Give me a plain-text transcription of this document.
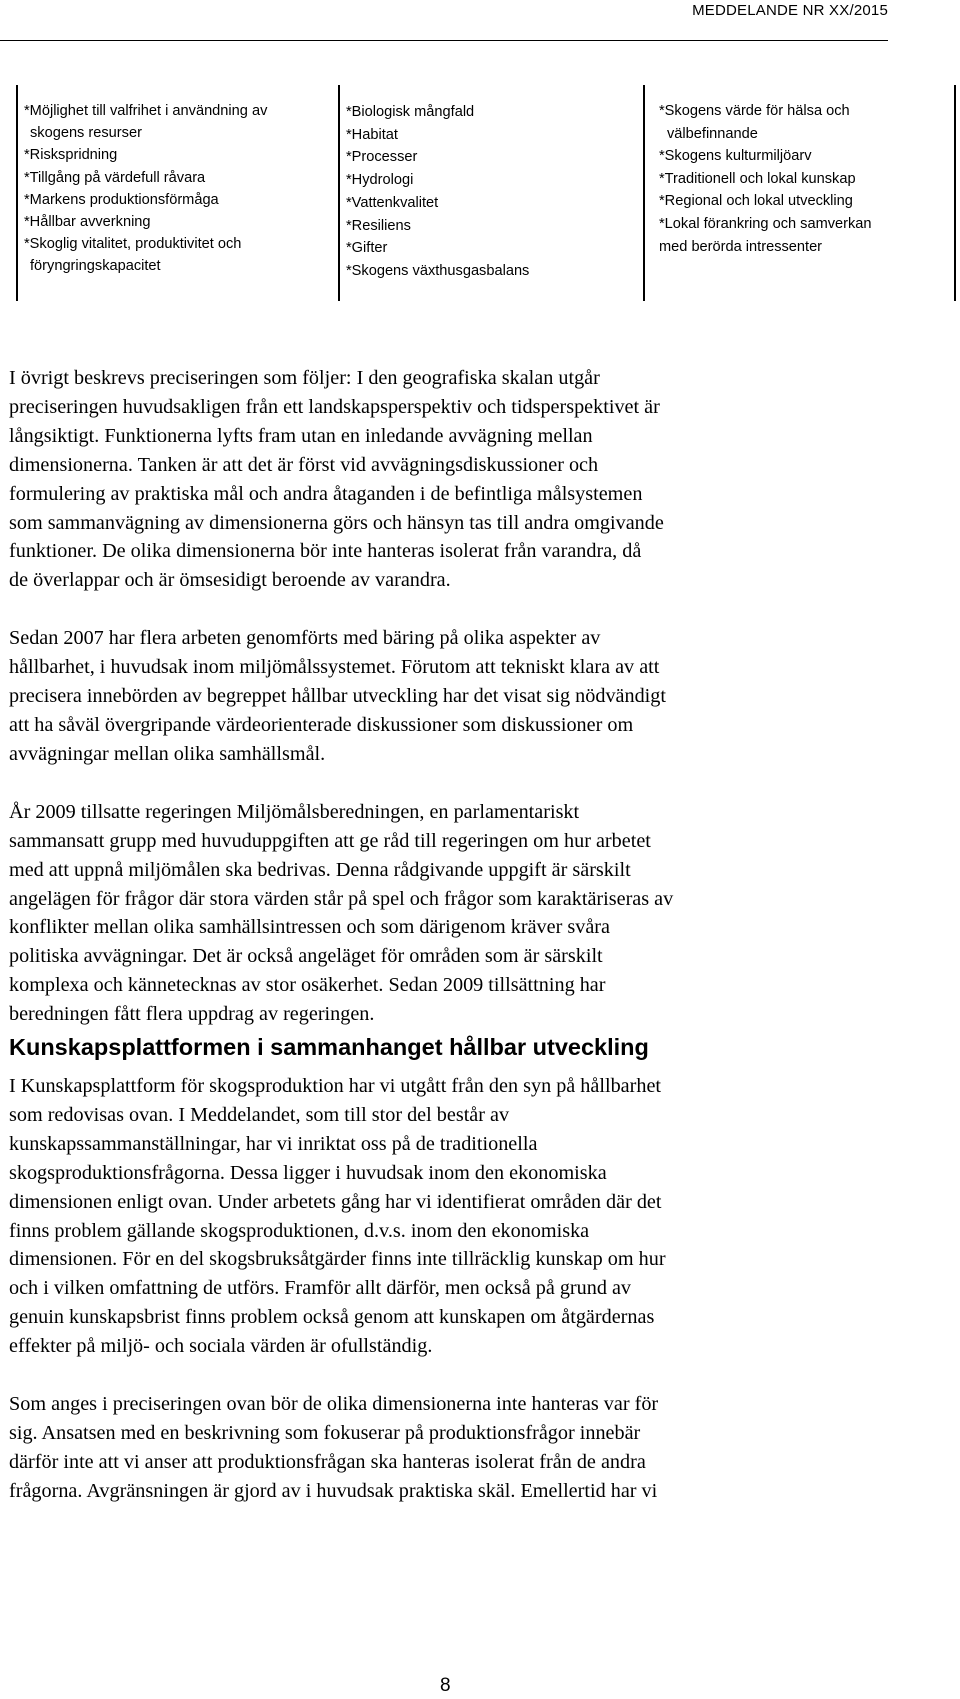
MEDDELANDE NR XX/2015
*Möjlighet till valfrihet i användning av
skogens resurser
*Riskspridning
*Tillgång på värdefull råvara
*Markens produktionsförmåga
*Hållbar avverkning
*Skoglig vitalitet, produktivitet och
föryngringskapacitet
*Biologisk mångfald
*Habitat
*Processer
*Hydrologi
*Vattenkvalitet
*Resiliens
*Gifter
*Skogens växthusgasbalans
*Skogens värde för hälsa och
välbefinnande
*Skogens kulturmiljöarv
*Traditionell och lokal kunskap
*Regional och lokal utveckling
*Lokal förankring och samverkan
med berörda intressenter

I övrigt beskrevs preciseringen som följer: I den geografiska skalan utgår
preciseringen huvudsakligen från ett landskapsperspektiv och tidsperspektivet är
långsiktigt. Funktionerna lyfts fram utan en inledande avvägning mellan
dimensionerna. Tanken är att det är först vid avvägningsdiskussioner och
formulering av praktiska mål och andra åtaganden i de befintliga målsystemen
som sammanvägning av dimensionerna görs och hänsyn tas till andra omgivande
funktioner. De olika dimensionerna bör inte hanteras isolerat från varandra, då
de överlappar och är ömsesidigt beroende av varandra.

Sedan 2007 har flera arbeten genomförts med bäring på olika aspekter av
hållbarhet, i huvudsak inom miljömålssystemet. Förutom att tekniskt klara av att
precisera innebörden av begreppet hållbar utveckling har det visat sig nödvändigt
att ha såväl övergripande värdeorienterade diskussioner som diskussioner om
avvägningar mellan olika samhällsmål.

År 2009 tillsatte regeringen Miljömålsberedningen, en parlamentariskt
sammansatt grupp med huvuduppgiften att ge råd till regeringen om hur arbetet
med att uppnå miljömålen ska bedrivas. Denna rådgivande uppgift är särskilt
angelägen för frågor där stora värden står på spel och frågor som karaktäriseras av
konflikter mellan olika samhällsintressen och som därigenom kräver svåra
politiska avvägningar. Det är också angeläget för områden som är särskilt
komplexa och kännetecknas av stor osäkerhet. Sedan 2009 tillsättning har
beredningen fått flera uppdrag av regeringen.

Kunskapsplattformen i sammanhanget hållbar utveckling

I Kunskapsplattform för skogsproduktion har vi utgått från den syn på hållbarhet
som redovisas ovan. I Meddelandet, som till stor del består av
kunskapssammanställningar, har vi inriktat oss på de traditionella
skogsproduktionsfrågorna. Dessa ligger i huvudsak inom den ekonomiska
dimensionen enligt ovan. Under arbetets gång har vi identifierat områden där det
finns problem gällande skogsproduktionen, d.v.s. inom den ekonomiska
dimensionen. För en del skogsbruksåtgärder finns inte tillräcklig kunskap om hur
och i vilken omfattning de utförs. Framför allt därför, men också på grund av
genuin kunskapsbrist finns problem också genom att kunskapen om åtgärdernas
effekter på miljö- och sociala värden är ofullständig.

Som anges i preciseringen ovan bör de olika dimensionerna inte hanteras var för
sig. Ansatsen med en beskrivning som fokuserar på produktionsfrågor innebär
därför inte att vi anser att produktionsfrågan ska hanteras isolerat från de andra
frågorna. Avgränsningen är gjord av i huvudsak praktiska skäl. Emellertid har vi

8
